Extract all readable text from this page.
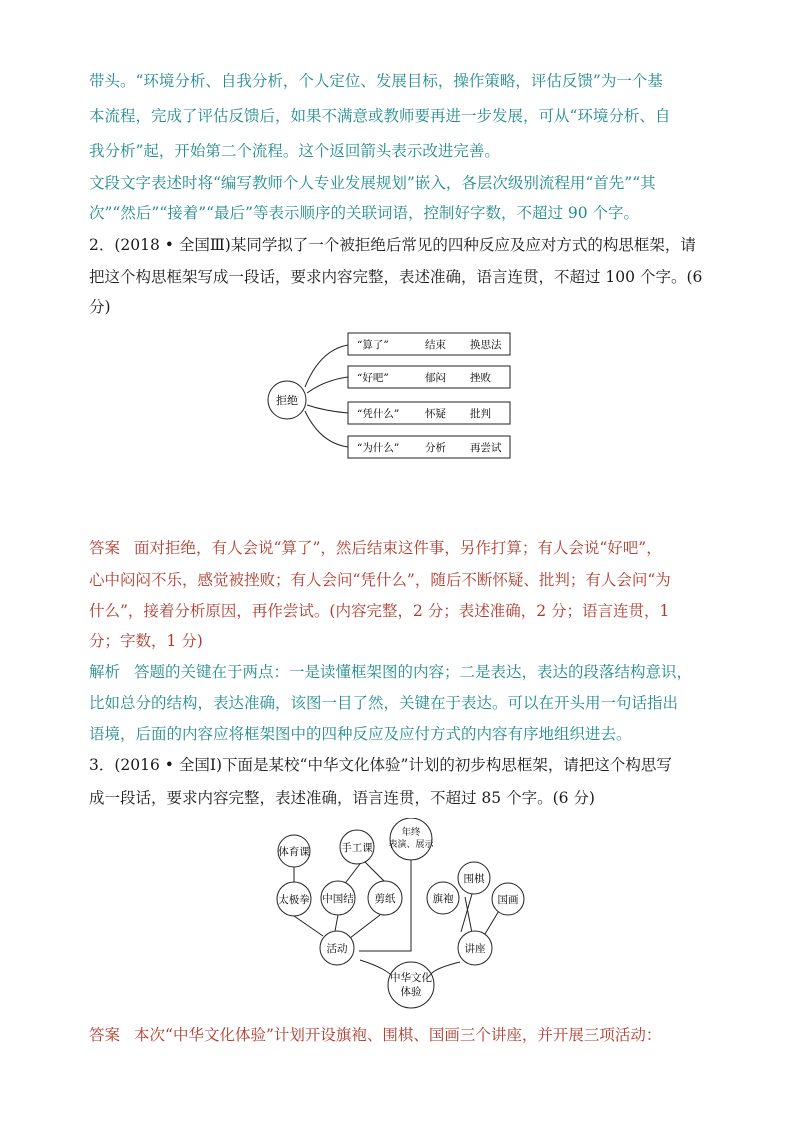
带头。“环境分析、自我分析，个人定位、发展目标，操作策略，评估反馈”为一个基
本流程，完成了评估反馈后，如果不满意或教师要再进一步发展，可从“环境分析、自
我分析”起，开始第二个流程。这个返回箭头表示改进完善。
文段文字表述时将“编写教师个人专业发展规划”嵌入，各层次级别流程用“首先”“其
次”“然后”“接着”“最后”等表示顺序的关联词语，控制好字数，不超过 90 个字。
2．(2018 • 全国Ⅲ)某同学拟了一个被拒绝后常见的四种反应及应对方式的构思框架，请
把这个构思框架写成一段话，要求内容完整，表述准确，语言连贯，不超过 100 个字。(6
分)
拒绝
“算了”	结束 换思法
“好吧”	郁闷 挫败
“凭什么” 怀疑 批判
“为什么” 分析 再尝试
答案 面对拒绝，有人会说“算了”，然后结束这件事，另作打算；有人会说“好吧”，
心中闷闷不乐，感觉被挫败；有人会问“凭什么”，随后不断怀疑、批判；有人会问“为
什么”，接着分析原因，再作尝试。(内容完整，2 分；表述准确，2 分；语言连贯，1
分；字数，1 分)
解析 答题的关键在于两点：一是读懂框架图的内容；二是表达，表达的段落结构意识，
比如总分的结构，表达准确，该图一目了然，关键在于表达。可以在开头用一句话指出
语境，后面的内容应将框架图中的四种反应及应付方式的内容有序地组织进去。
3．(2016 • 全国Ⅰ)下面是某校“中华文化体验”计划的初步构思框架，请把这个构思写
成一段话，要求内容完整，表述准确，语言连贯，不超过 85 个字。(6 分)
体育课	手工课
年终
表演、展示
太极拳 中国结 剪纸
活动
围棋
旗袍	国画
讲座
中华文化
体验
答案 本次“中华文化体验”计划开设旗袍、围棋、国画三个讲座，并开展三项活动：
